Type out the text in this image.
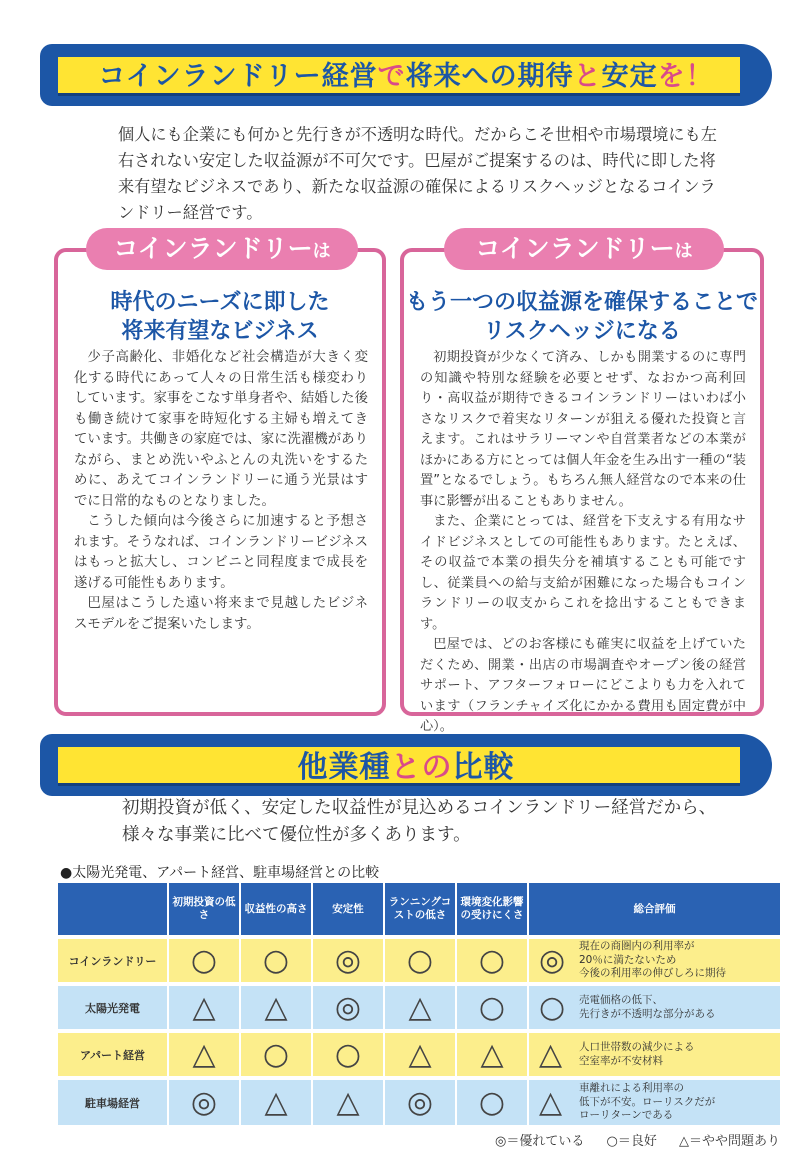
コインランドリー経営で将来への期待と安定を！
個人にも企業にも何かと先行きが不透明な時代。だからこそ世相や市場環境にも左右されない安定した収益源が不可欠です。巴屋がご提案するのは、時代に即した将来有望なビジネスであり、新たな収益源の確保によるリスクヘッジとなるコインランドリー経営です。
コインランドリーは
時代のニーズに即した
将来有望なビジネス

少子高齢化、非婚化など社会構造が大きく変化する時代にあって人々の日常生活も様変わりしています。家事をこなす単身者や、結婚した後も働き続けて家事を時短化する主婦も増えてきています。共働きの家庭では、家に洗濯機がありながら、まとめ洗いやふとんの丸洗いをするために、あえてコインランドリーに通う光景はすでに日常的なものとなりました。

こうした傾向は今後さらに加速すると予想されます。そうなれば、コインランドリービジネスはもっと拡大し、コンビニと同程度まで成長を遂げる可能性もあります。

巴屋はこうした遠い将来まで見越したビジネスモデルをご提案いたします。

コインランドリーは
もう一つの収益源を確保することで
リスクヘッジになる

初期投資が少なくて済み、しかも開業するのに専門の知識や特別な経験を必要とせず、なおかつ高利回り・高収益が期待できるコインランドリーはいわば小さなリスクで着実なリターンが狙える優れた投資と言えます。これはサラリーマンや自営業者などの本業がほかにある方にとっては個人年金を生み出す一種の“装置”となるでしょう。もちろん無人経営なので本来の仕事に影響が出ることもありません。

また、企業にとっては、経営を下支えする有用なサイドビジネスとしての可能性もあります。たとえば、その収益で本業の損失分を補填することも可能ですし、従業員への給与支給が困難になった場合もコインランドリーの収支からこれを捻出することもできます。

巴屋では、どのお客様にも確実に収益を上げていただくため、開業・出店の市場調査やオープン後の経営サポート、アフターフォローにどこよりも力を入れています（フランチャイズ化にかかる費用も固定費が中心）。

他業種との比較
初期投資が低く、安定した収益性が見込めるコインランドリー経営だから、
様々な事業に比べて優位性が多くあります。
●太陽光発電、アパート経営、駐車場経営との比較
	初期投資の低さ	収益性の高さ	安定性	ランニングコストの低さ	環境変化影響の受けにくさ	総合評価
コインランドリー	○	○	◎	○	○	◎ 現在の商圏内の利用率が
20％に満たないため
今後の利用率の伸びしろに期待

太陽光発電	△	△	◎	△	○	○ 売電価格の低下、
先行きが不透明な部分がある

アパート経営	△	○	○	△	△	△ 人口世帯数の減少による
空室率が不安材料

駐車場経営	◎	△	△	◎	○	△ 車離れによる利用率の
低下が不安。ローリスクだが
ローリターンである
◎＝優れている ○＝良好 △＝やや問題あり
